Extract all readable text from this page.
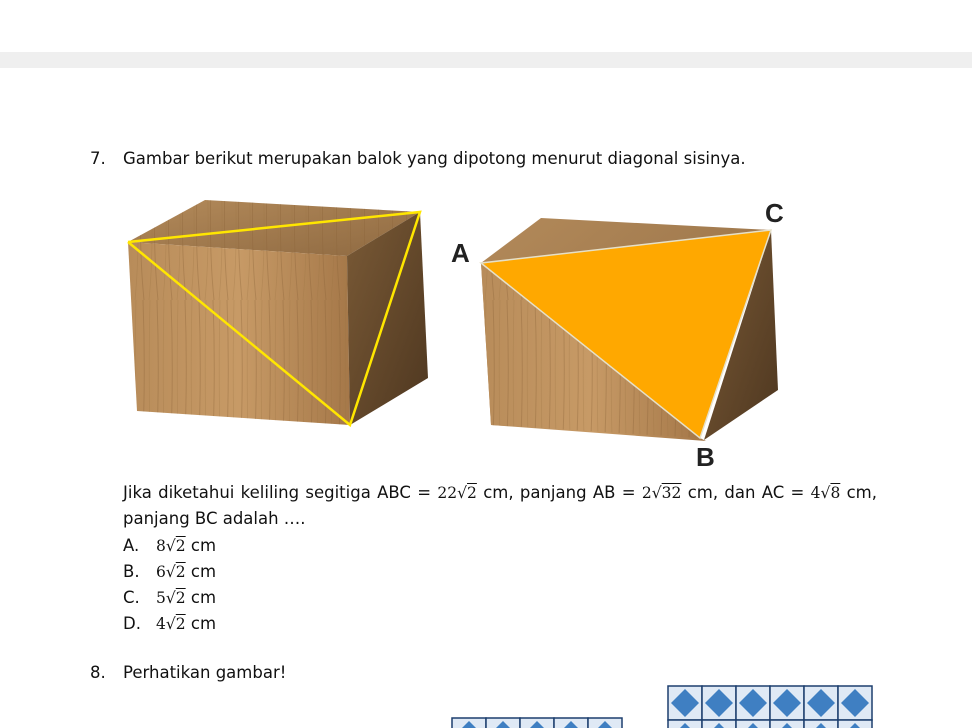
7. Gambar berikut merupakan balok yang dipotong menurut diagonal sisinya.
A
B
C
Jika diketahui keliling segitiga ABC = 22√2 cm, panjang AB = 2√32 cm, dan AC = 4√8 cm, panjang BC adalah ….
A. 8√2 cm
B. 6√2 cm
C. 5√2 cm
D. 4√2 cm
8. Perhatikan gambar!
